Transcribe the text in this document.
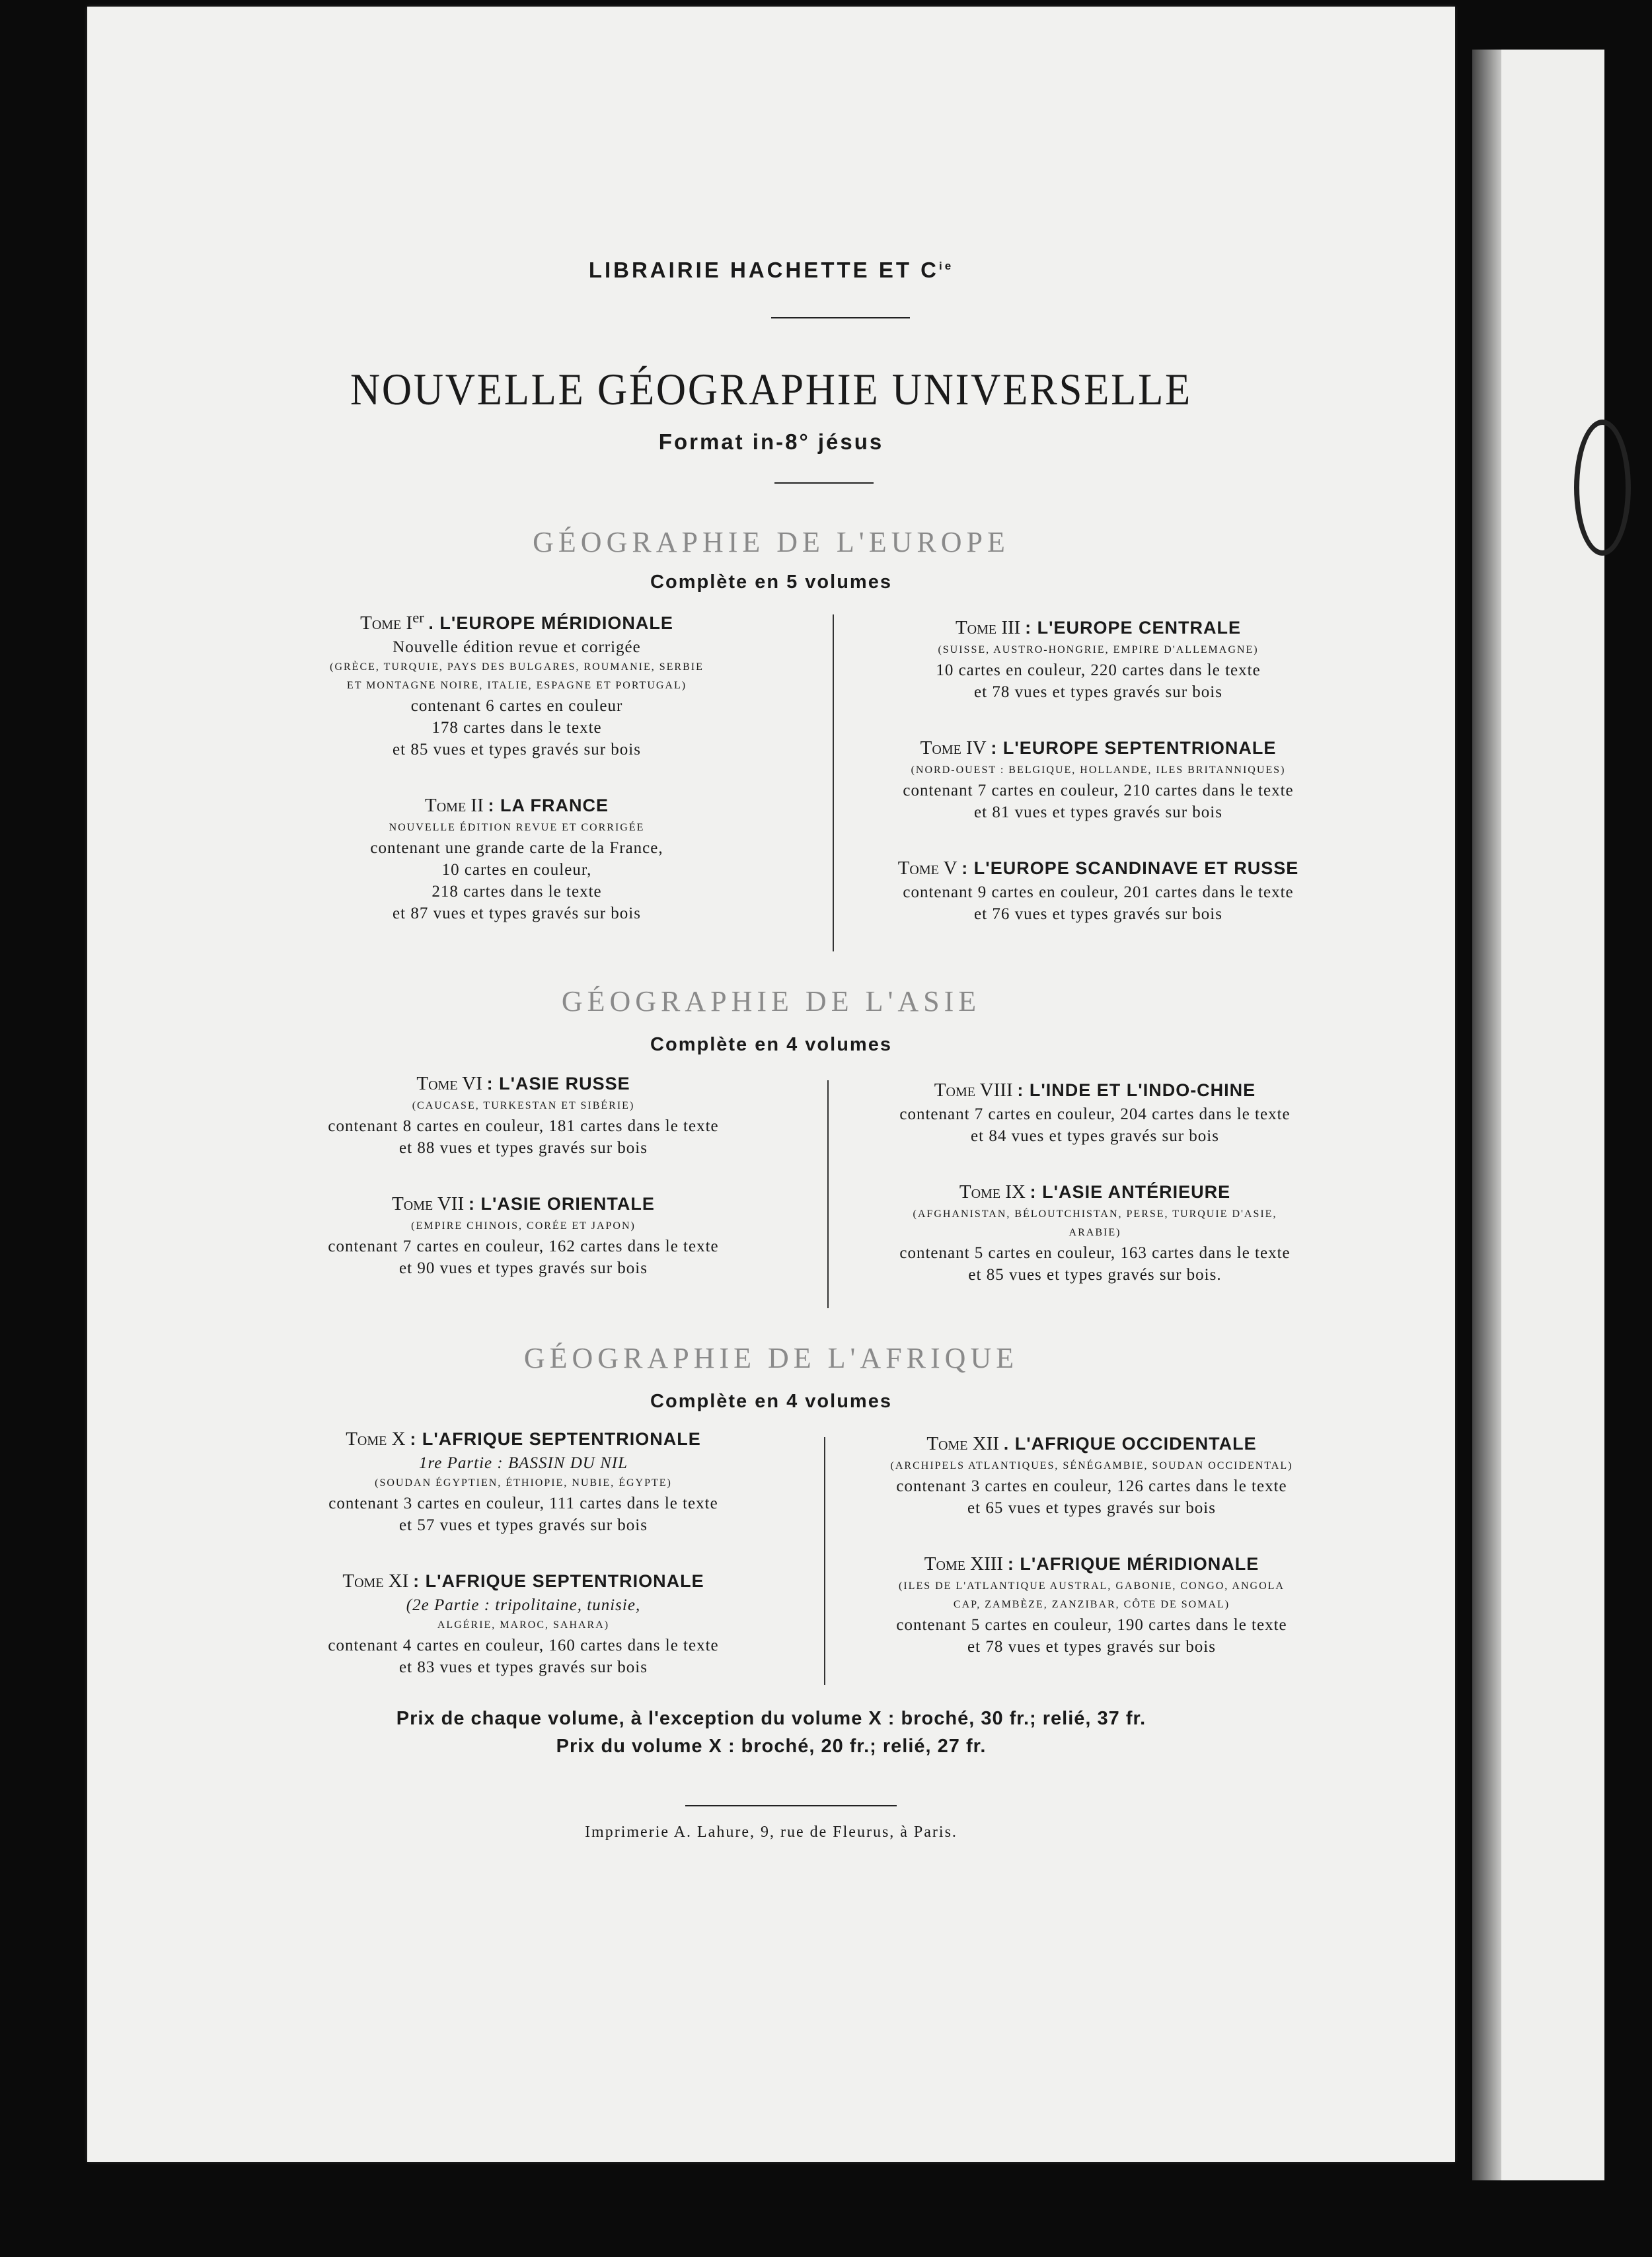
LIBRAIRIE HACHETTE ET $C^{ie}$
NOUVELLE GÉOGRAPHIE UNIVERSELLE
Format in-8° jésus
GÉOGRAPHIE DE L'EUROPE
Complète en 5 volumes
Tome Ier . L'EUROPE MÉRIDIONALE
Nouvelle édition revue et corrigée
(GRÈCE, TURQUIE, PAYS DES BULGARES, ROUMANIE, SERBIE
ET MONTAGNE NOIRE, ITALIE, ESPAGNE ET PORTUGAL)
contenant 6 cartes en couleur
178 cartes dans le texte
et 85 vues et types gravés sur bois
Tome II : LA FRANCE
NOUVELLE ÉDITION REVUE ET CORRIGÉE
contenant une grande carte de la France,
10 cartes en couleur,
218 cartes dans le texte
et 87 vues et types gravés sur bois
Tome III : L'EUROPE CENTRALE
(SUISSE, AUSTRO-HONGRIE, EMPIRE D'ALLEMAGNE)
10 cartes en couleur, 220 cartes dans le texte
et 78 vues et types gravés sur bois
Tome IV : L'EUROPE SEPTENTRIONALE
(NORD-OUEST : BELGIQUE, HOLLANDE, ILES BRITANNIQUES)
contenant 7 cartes en couleur, 210 cartes dans le texte
et 81 vues et types gravés sur bois
Tome V : L'EUROPE SCANDINAVE ET RUSSE
contenant 9 cartes en couleur, 201 cartes dans le texte
et 76 vues et types gravés sur bois
GÉOGRAPHIE DE L'ASIE
Complète en 4 volumes
Tome VI : L'ASIE RUSSE
(CAUCASE, TURKESTAN ET SIBÉRIE)
contenant 8 cartes en couleur, 181 cartes dans le texte
et 88 vues et types gravés sur bois
Tome VII : L'ASIE ORIENTALE
(EMPIRE CHINOIS, CORÉE ET JAPON)
contenant 7 cartes en couleur, 162 cartes dans le texte
et 90 vues et types gravés sur bois
Tome VIII : L'INDE ET L'INDO-CHINE
contenant 7 cartes en couleur, 204 cartes dans le texte
et 84 vues et types gravés sur bois
Tome IX : L'ASIE ANTÉRIEURE
(AFGHANISTAN, BÉLOUTCHISTAN, PERSE, TURQUIE D'ASIE,
ARABIE)
contenant 5 cartes en couleur, 163 cartes dans le texte
et 85 vues et types gravés sur bois.
GÉOGRAPHIE DE L'AFRIQUE
Complète en 4 volumes
Tome X : L'AFRIQUE SEPTENTRIONALE
1re Partie : BASSIN DU NIL
(SOUDAN ÉGYPTIEN, ÉTHIOPIE, NUBIE, ÉGYPTE)
contenant 3 cartes en couleur, 111 cartes dans le texte
et 57 vues et types gravés sur bois
Tome XI : L'AFRIQUE SEPTENTRIONALE
(2e Partie : tripolitaine, tunisie,
ALGÉRIE, MAROC, SAHARA)
contenant 4 cartes en couleur, 160 cartes dans le texte
et 83 vues et types gravés sur bois
Tome XII . L'AFRIQUE OCCIDENTALE
(ARCHIPELS ATLANTIQUES, SÉNÉGAMBIE, SOUDAN OCCIDENTAL)
contenant 3 cartes en couleur, 126 cartes dans le texte
et 65 vues et types gravés sur bois
Tome XIII : L'AFRIQUE MÉRIDIONALE
(ILES DE L'ATLANTIQUE AUSTRAL, GABONIE, CONGO, ANGOLA
CAP, ZAMBÈZE, ZANZIBAR, CÔTE DE SOMAL)
contenant 5 cartes en couleur, 190 cartes dans le texte
et 78 vues et types gravés sur bois
Prix de chaque volume, à l'exception du volume X : broché, 30 fr.; relié, 37 fr.
Prix du volume X : broché, 20 fr.; relié, 27 fr.
Imprimerie A. Lahure, 9, rue de Fleurus, à Paris.
